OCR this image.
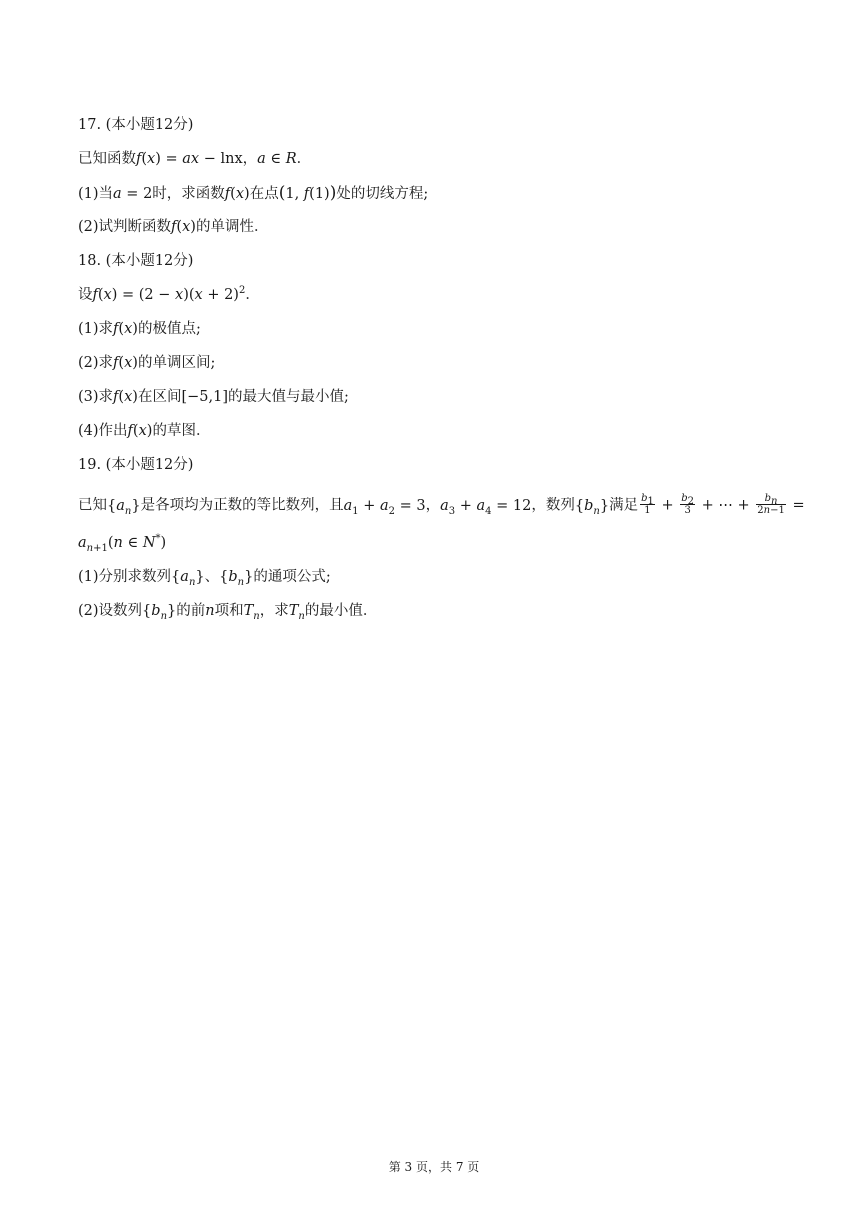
17. (本小题12分)
已知函数f(x) = ax − lnx，a ∈ R．
(1)当a = 2时，求函数f(x)在点(1, f(1))处的切线方程;
(2)试判断函数f(x)的单调性．
18. (本小题12分)
设$f(x) = (2 - x)(x + 2)^2$．
(1)求f(x)的极值点;
(2)求f(x)的单调区间;
(3)求f(x)在区间[−5,1]的最大值与最小值;
(4)作出f(x)的草图．
19. (本小题12分)
已知$\{a_n\}$是各项均为正数的等比数列，且$a_1 + a_2 = 3$，$a_3 + a_4 = 12$，数列$\{b_n\}$满足 $\frac{b_1}{1} + \frac{b_2}{3}$ + ⋯ + $\frac{b_n}{2n-1}$ =
$a_{n+1}(n$ ∈ N*)
(1)分别求数列$\{a_n\}$、$\{b_n\}$的通项公式;
(2)设数列$\{b_n\}$的前n项和$T_n$，求$T_n$的最小值．
第 3 页，共 7 页
